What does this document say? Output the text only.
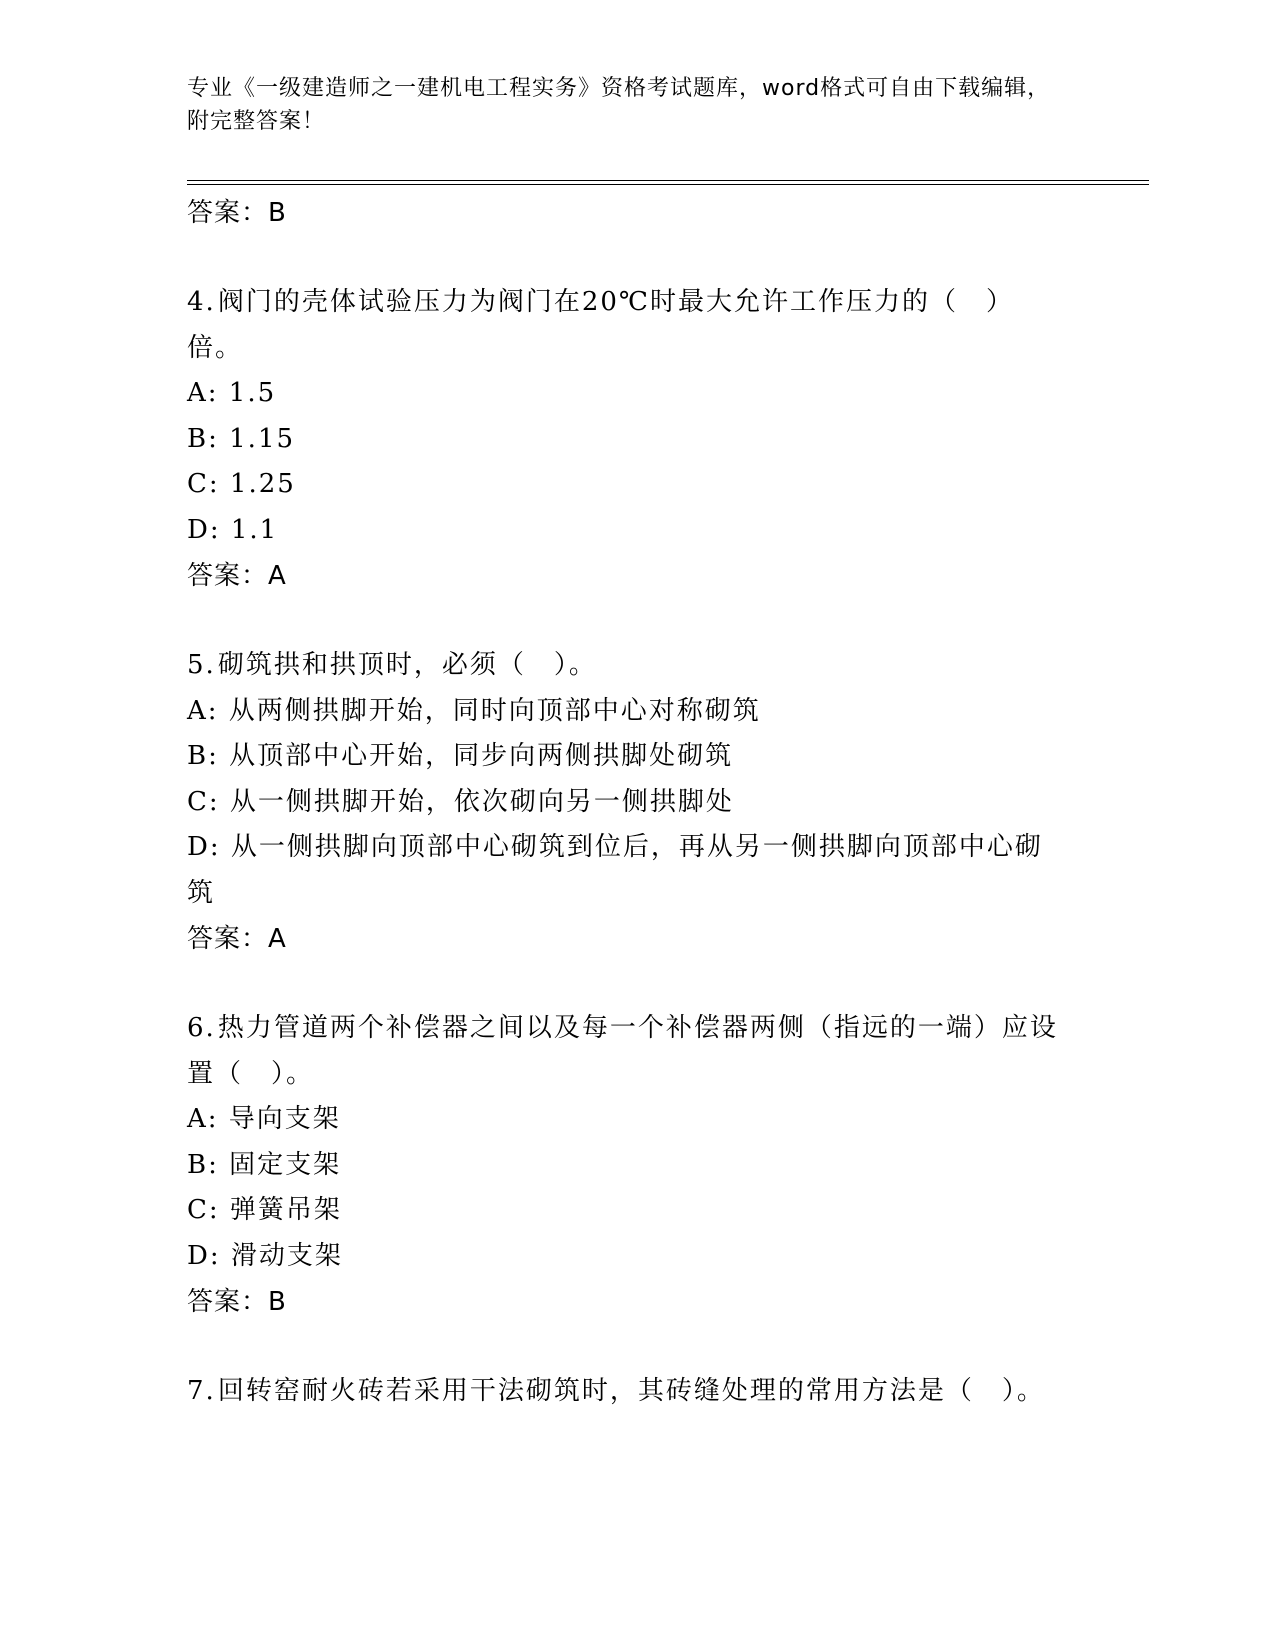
专业《一级建造师之一建机电工程实务》资格考试题库，word格式可自由下载编辑，附完整答案！
答案：B
4.阀门的壳体试验压力为阀门在20℃时最大允许工作压力的（　）倍。
A: 1.5
B: 1.15
C: 1.25
D: 1.1
答案：A
5.砌筑拱和拱顶时，必须（　）。
A: 从两侧拱脚开始，同时向顶部中心对称砌筑
B: 从顶部中心开始，同步向两侧拱脚处砌筑
C: 从一侧拱脚开始，依次砌向另一侧拱脚处
D: 从一侧拱脚向顶部中心砌筑到位后，再从另一侧拱脚向顶部中心砌筑
答案：A
6.热力管道两个补偿器之间以及每一个补偿器两侧（指远的一端）应设置（　）。
A: 导向支架
B: 固定支架
C: 弹簧吊架
D: 滑动支架
答案：B
7.回转窑耐火砖若采用干法砌筑时，其砖缝处理的常用方法是（　）。
